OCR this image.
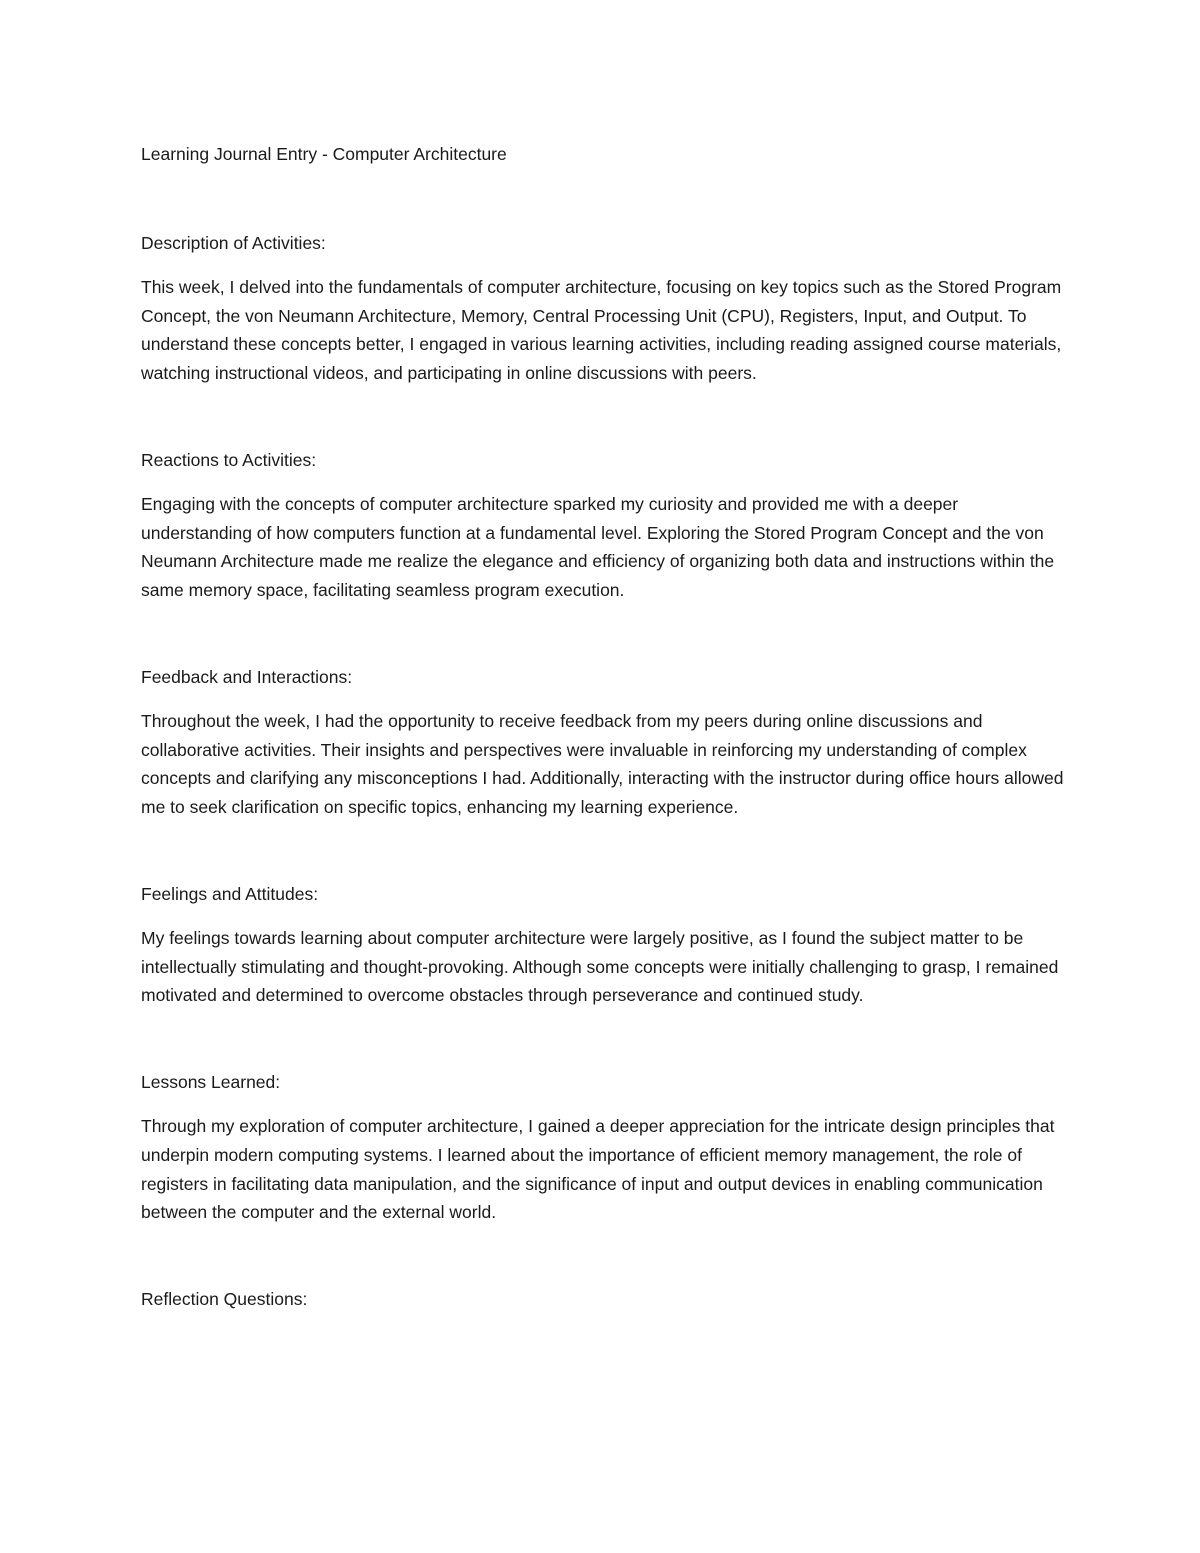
Learning Journal Entry - Computer Architecture

Description of Activities:

This week, I delved into the fundamentals of computer architecture, focusing on key topics such as the Stored Program Concept, the von Neumann Architecture, Memory, Central Processing Unit (CPU), Registers, Input, and Output. To understand these concepts better, I engaged in various learning activities, including reading assigned course materials, watching instructional videos, and participating in online discussions with peers.

Reactions to Activities:

Engaging with the concepts of computer architecture sparked my curiosity and provided me with a deeper understanding of how computers function at a fundamental level. Exploring the Stored Program Concept and the von Neumann Architecture made me realize the elegance and efficiency of organizing both data and instructions within the same memory space, facilitating seamless program execution.

Feedback and Interactions:

Throughout the week, I had the opportunity to receive feedback from my peers during online discussions and collaborative activities. Their insights and perspectives were invaluable in reinforcing my understanding of complex concepts and clarifying any misconceptions I had. Additionally, interacting with the instructor during office hours allowed me to seek clarification on specific topics, enhancing my learning experience.

Feelings and Attitudes:

My feelings towards learning about computer architecture were largely positive, as I found the subject matter to be intellectually stimulating and thought-provoking. Although some concepts were initially challenging to grasp, I remained motivated and determined to overcome obstacles through perseverance and continued study.

Lessons Learned:

Through my exploration of computer architecture, I gained a deeper appreciation for the intricate design principles that underpin modern computing systems. I learned about the importance of efficient memory management, the role of registers in facilitating data manipulation, and the significance of input and output devices in enabling communication between the computer and the external world.

Reflection Questions:
